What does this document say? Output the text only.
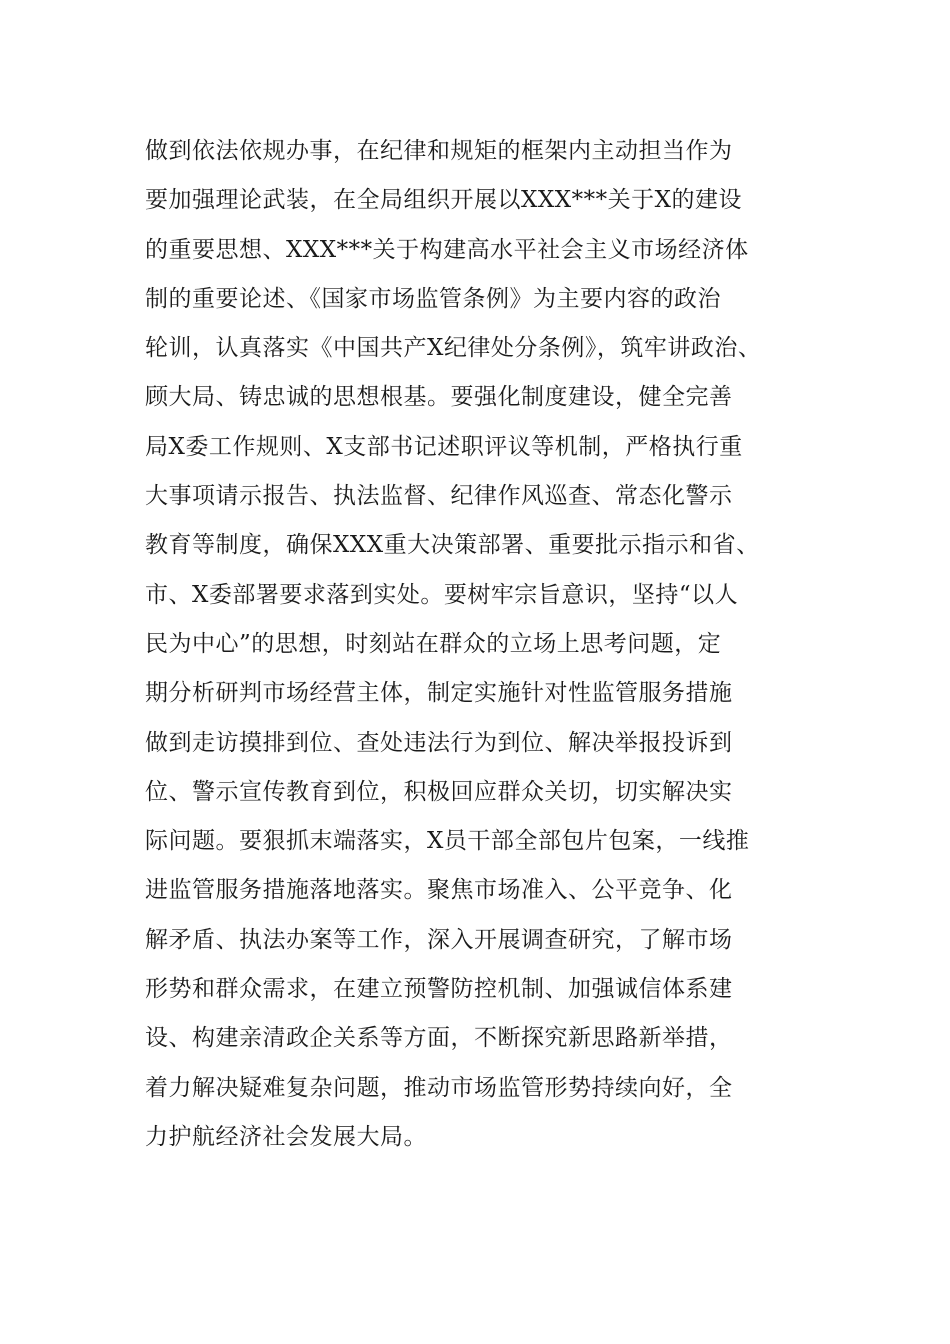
做到依法依规办事，在纪律和规矩的框架内主动担当作为
要加强理论武装，在全局组织开展以XXX***关于X的建设
的重要思想、XXX***关于构建高水平社会主义市场经济体
制的重要论述、《国家市场监管条例》为主要内容的政治
轮训，认真落实《中国共产X纪律处分条例》，筑牢讲政治、
顾大局、铸忠诚的思想根基。要强化制度建设，健全完善
局X委工作规则、X支部书记述职评议等机制，严格执行重
大事项请示报告、执法监督、纪律作风巡查、常态化警示
教育等制度，确保XXX重大决策部署、重要批示指示和省、
市、X委部署要求落到实处。要树牢宗旨意识，坚持“以人
民为中心”的思想，时刻站在群众的立场上思考问题，定
期分析研判市场经营主体，制定实施针对性监管服务措施
做到走访摸排到位、查处违法行为到位、解决举报投诉到
位、警示宣传教育到位，积极回应群众关切，切实解决实
际问题。要狠抓末端落实，X员干部全部包片包案，一线推
进监管服务措施落地落实。聚焦市场准入、公平竞争、化
解矛盾、执法办案等工作，深入开展调查研究，了解市场
形势和群众需求，在建立预警防控机制、加强诚信体系建
设、构建亲清政企关系等方面，不断探究新思路新举措，
着力解决疑难复杂问题，推动市场监管形势持续向好，全
力护航经济社会发展大局。
